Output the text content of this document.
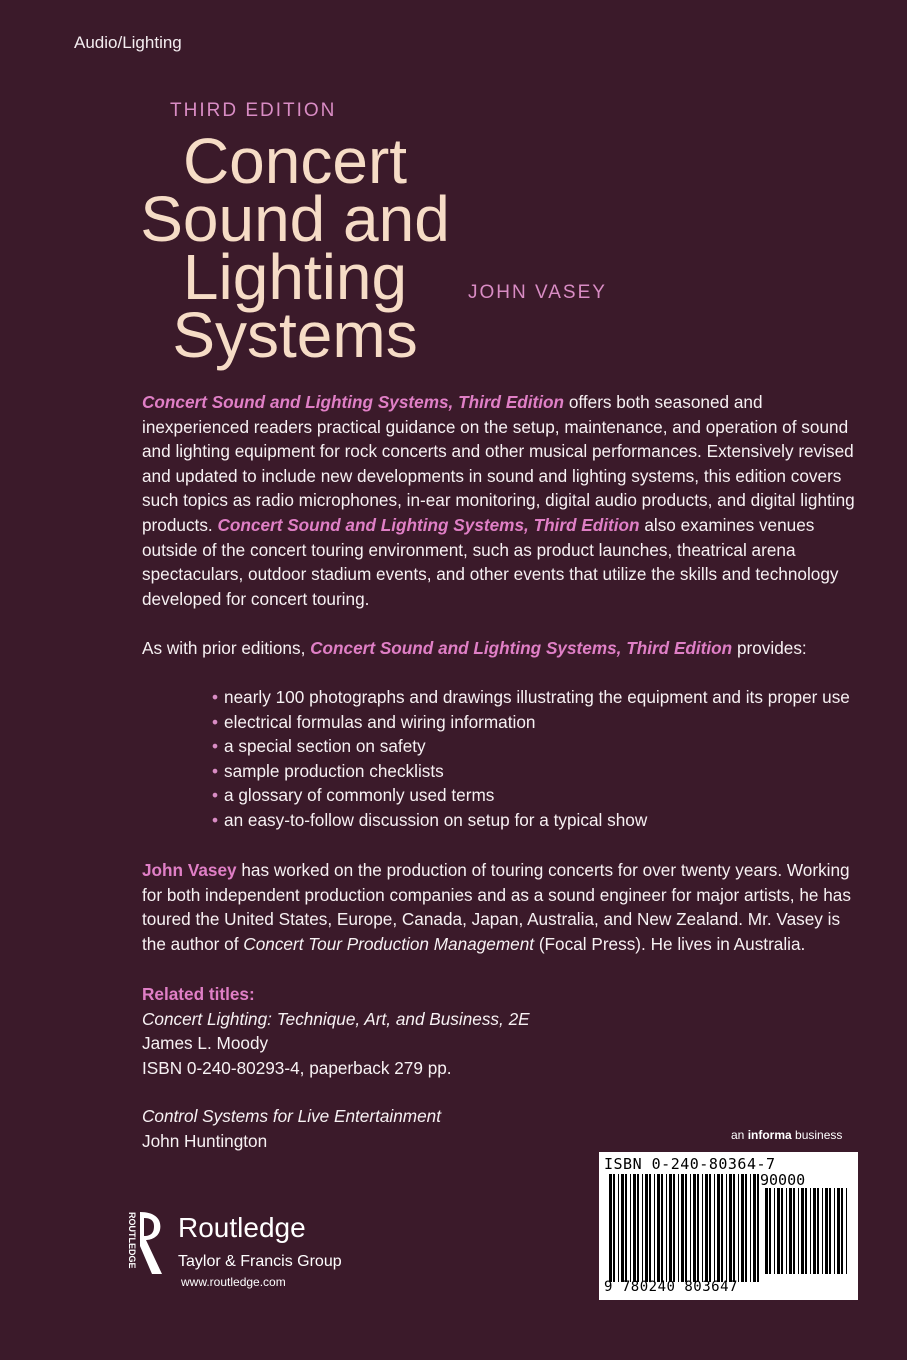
Audio/Lighting
THIRD EDITION
Concert
Sound and
Lighting
Systems
JOHN VASEY
Concert Sound and Lighting Systems, Third Edition offers both seasoned and inexperienced readers practical guidance on the setup, maintenance, and operation of sound and lighting equipment for rock concerts and other musical performances. Extensively revised and updated to include new developments in sound and lighting systems, this edition covers such topics as radio microphones, in-ear monitoring, digital audio products, and digital lighting products. Concert Sound and Lighting Systems, Third Edition also examines venues outside of the concert touring environment, such as product launches, theatrical arena spectaculars, outdoor stadium events, and other events that utilize the skills and technology developed for concert touring.
As with prior editions, Concert Sound and Lighting Systems, Third Edition provides:
• nearly 100 photographs and drawings illustrating the equipment and its proper use
• electrical formulas and wiring information
• a special section on safety
• sample production checklists
• a glossary of commonly used terms
• an easy-to-follow discussion on setup for a typical show
John Vasey has worked on the production of touring concerts for over twenty years. Working for both independent production companies and as a sound engineer for major artists, he has toured the United States, Europe, Canada, Japan, Australia, and New Zealand. Mr. Vasey is the author of Concert Tour Production Management (Focal Press). He lives in Australia.
Related titles:
Concert Lighting: Technique, Art, and Business, 2E
James L. Moody
ISBN 0-240-80293-4, paperback 279 pp.
Control Systems for Live Entertainment
John Huntington	an informa business
ISBN 0-240-80364-7
90000
9 780240 803647
ROUTLEDGE Routledge
Taylor & Francis Group
www.routledge.com
